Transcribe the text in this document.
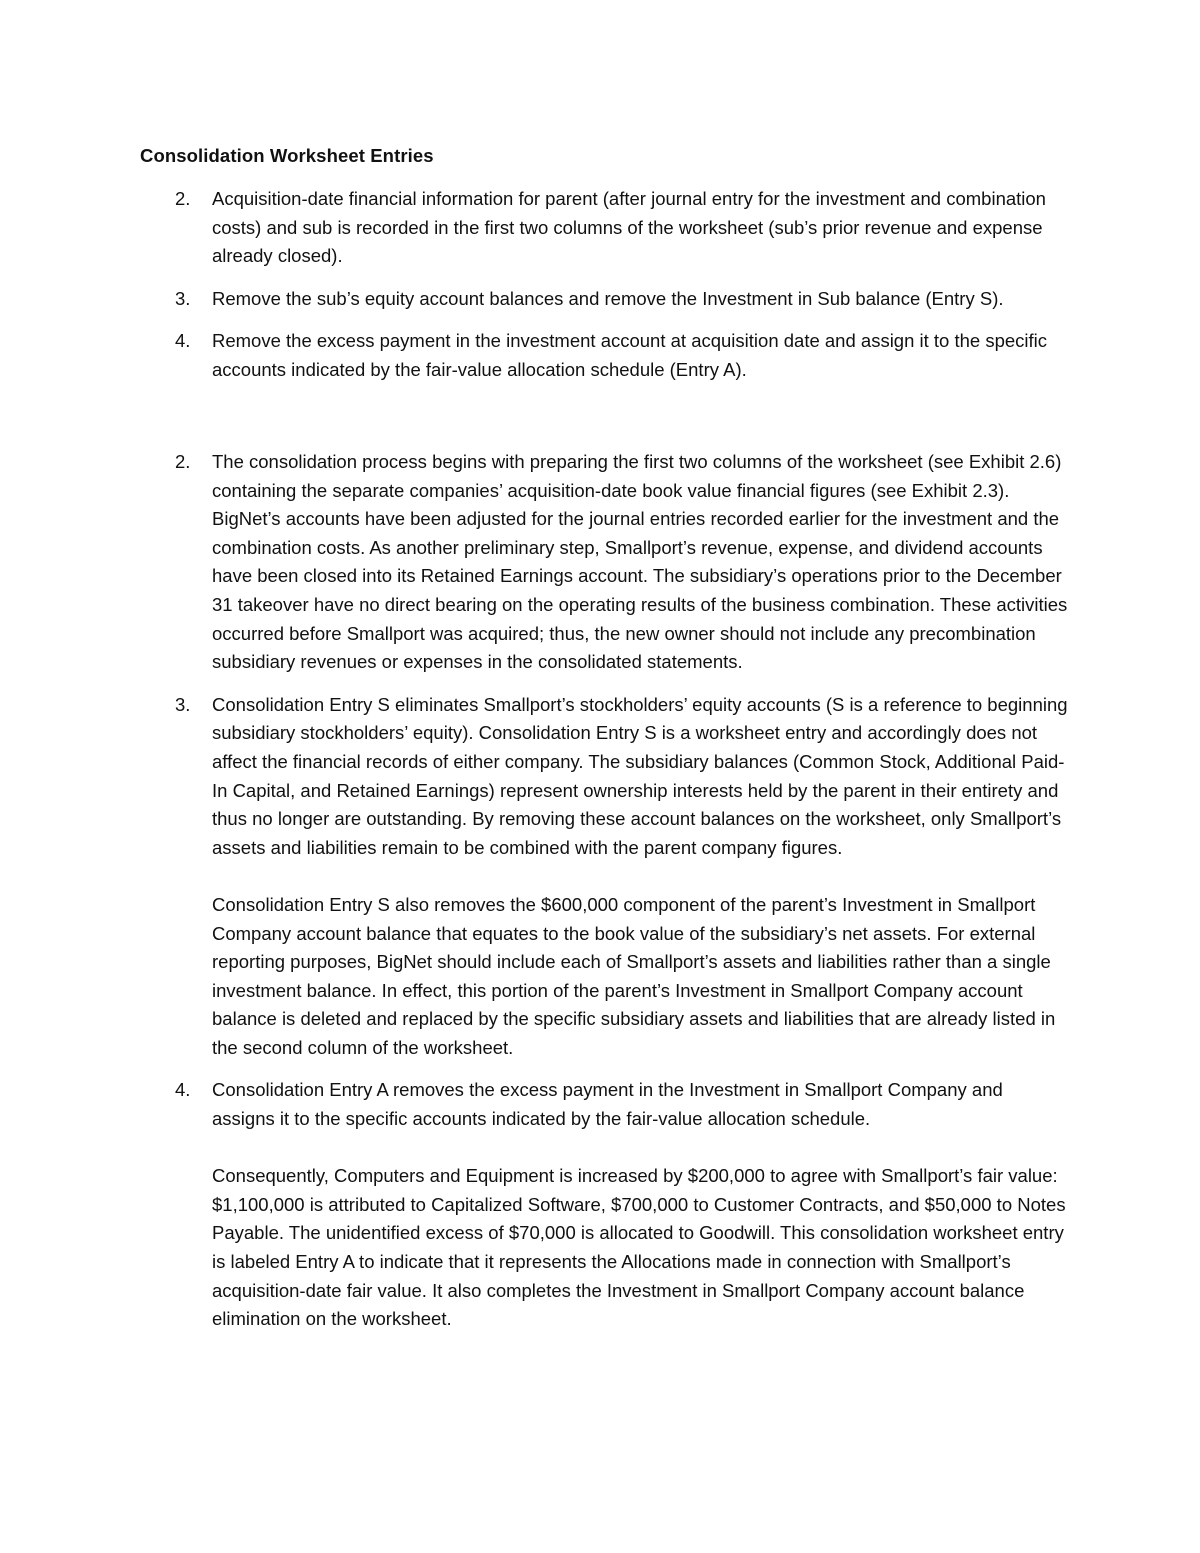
Consolidation Worksheet Entries
2. Acquisition-date financial information for parent (after journal entry for the investment and combination costs) and sub is recorded in the first two columns of the worksheet (sub’s prior revenue and expense already closed).

3. Remove the sub’s equity account balances and remove the Investment in Sub balance (Entry S).

4. Remove the excess payment in the investment account at acquisition date and assign it to the specific accounts indicated by the fair-value allocation schedule (Entry A).

2. The consolidation process begins with preparing the first two columns of the worksheet (see Exhibit 2.6) containing the separate companies’ acquisition-date book value financial figures (see Exhibit 2.3). BigNet’s accounts have been adjusted for the journal entries recorded earlier for the investment and the combination costs. As another preliminary step, Smallport’s revenue, expense, and dividend accounts have been closed into its Retained Earnings account. The subsidiary’s operations prior to the December 31 takeover have no direct bearing on the operating results of the business combination. These activities occurred before Smallport was acquired; thus, the new owner should not include any precombination subsidiary revenues or expenses in the consolidated statements.

3. Consolidation Entry S eliminates Smallport’s stockholders’ equity accounts (S is a reference to beginning subsidiary stockholders’ equity). Consolidation Entry S is a worksheet entry and accordingly does not affect the financial records of either company. The subsidiary balances (Common Stock, Additional Paid-In Capital, and Retained Earnings) represent ownership interests held by the parent in their entirety and thus no longer are outstanding. By removing these account balances on the worksheet, only Smallport’s assets and liabilities remain to be combined with the parent company figures.

Consolidation Entry S also removes the $600,000 component of the parent’s Investment in Smallport Company account balance that equates to the book value of the subsidiary’s net assets. For external reporting purposes, BigNet should include each of Smallport’s assets and liabilities rather than a single investment balance. In effect, this portion of the parent’s Investment in Smallport Company account balance is deleted and replaced by the specific subsidiary assets and liabilities that are already listed in the second column of the worksheet.

4. Consolidation Entry A removes the excess payment in the Investment in Smallport Company and assigns it to the specific accounts indicated by the fair-value allocation schedule.

Consequently, Computers and Equipment is increased by $200,000 to agree with Smallport’s fair value: $1,100,000 is attributed to Capitalized Software, $700,000 to Customer Contracts, and $50,000 to Notes Payable. The unidentified excess of $70,000 is allocated to Goodwill. This consolidation worksheet entry is labeled Entry A to indicate that it represents the Allocations made in connection with Smallport’s acquisition-date fair value. It also completes the Investment in Smallport Company account balance elimination on the worksheet.
